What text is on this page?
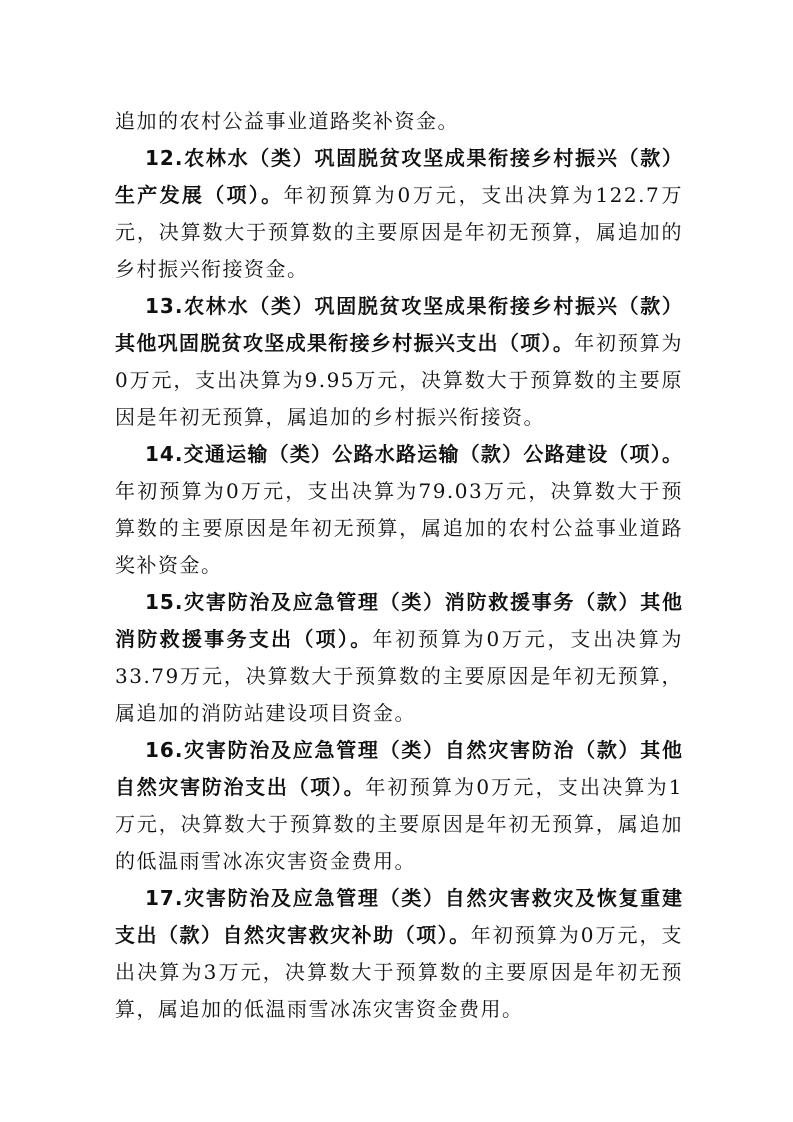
追加的农村公益事业道路奖补资金。

12.农林水（类）巩固脱贫攻坚成果衔接乡村振兴（款）生产发展（项）。年初预算为0万元，支出决算为122.7万元，决算数大于预算数的主要原因是年初无预算，属追加的乡村振兴衔接资金。

13.农林水（类）巩固脱贫攻坚成果衔接乡村振兴（款）其他巩固脱贫攻坚成果衔接乡村振兴支出（项）。年初预算为0万元，支出决算为9.95万元，决算数大于预算数的主要原因是年初无预算，属追加的乡村振兴衔接资。

14.交通运输（类）公路水路运输（款）公路建设（项）。年初预算为0万元，支出决算为79.03万元，决算数大于预算数的主要原因是年初无预算，属追加的农村公益事业道路奖补资金。

15.灾害防治及应急管理（类）消防救援事务（款）其他消防救援事务支出（项）。年初预算为0万元，支出决算为33.79万元，决算数大于预算数的主要原因是年初无预算，属追加的消防站建设项目资金。

16.灾害防治及应急管理（类）自然灾害防治（款）其他自然灾害防治支出（项）。年初预算为0万元，支出决算为1万元，决算数大于预算数的主要原因是年初无预算，属追加的低温雨雪冰冻灾害资金费用。

17.灾害防治及应急管理（类）自然灾害救灾及恢复重建支出（款）自然灾害救灾补助（项）。年初预算为0万元，支出决算为3万元，决算数大于预算数的主要原因是年初无预算，属追加的低温雨雪冰冻灾害资金费用。
